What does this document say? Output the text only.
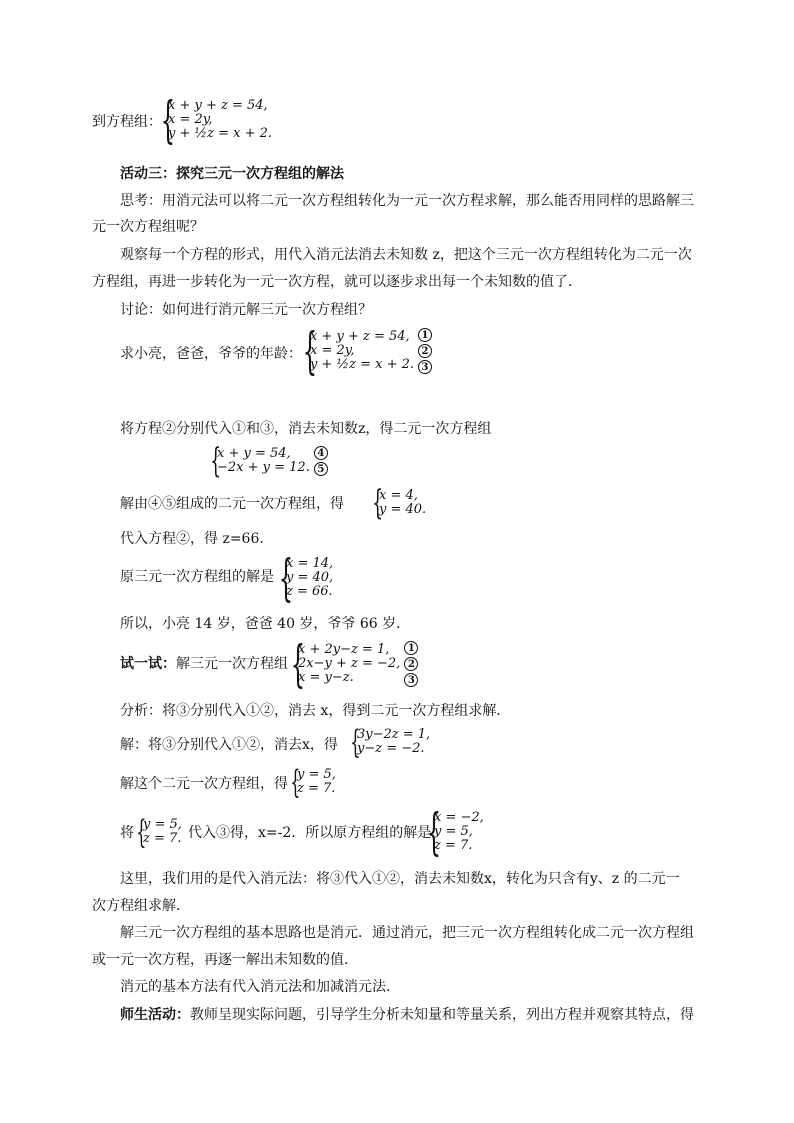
到方程组：
{
x + y + z = 54,
x = 2y,
y + ½z = x + 2.
活动三：探究三元一次方程组的解法
思考：用消元法可以将二元一次方程组转化为一元一次方程求解，那么能否用同样的思路解三
元一次方程组呢？
观察每一个方程的形式，用代入消元法消去未知数 z，把这个三元一次方程组转化为二元一次
方程组，再进一步转化为一元一次方程，就可以逐步求出每一个未知数的值了．
讨论：如何进行消元解三元一次方程组？
求小亮，爸爸，爷爷的年龄： {
x + y + z = 54,
x = 2y,
y + ½z = x + 2.
1
2
3
将方程②分别代入①和③，消去未知数z，得二元一次方程组
{
x + y = 54,
−2x + y = 12.
4
5
解由④⑤组成的二元一次方程组，得 {
x = 4,
y = 40.
代入方程②，得 z=66．
原三元一次方程组的解是 {
x = 14,
y = 40,
z = 66.
所以，小亮 14 岁，爸爸 40 岁，爷爷 66 岁．
试一试： 解三元一次方程组 {
x + 2y−z = 1,
2x−y + z = −2,
x = y−z.
1
2
3
分析：将③分别代入①②，消去 x，得到二元一次方程组求解．
解：将③分别代入①②，消去x，得 {
3y−2z = 1,
y−z = −2.
解这个二元一次方程组，得 {
y = 5,
z = 7.
将 {
y = 5,
z = 7. 代入③得，x=-2．所以原方程组的解是
{
x = −2,
y = 5,
z = 7.
这里，我们用的是代入消元法：将③代入①②，消去未知数x，转化为只含有y、z 的二元一
次方程组求解．
解三元一次方程组的基本思路也是消元．通过消元，把三元一次方程组转化成二元一次方程组
或一元一次方程，再逐一解出未知数的值．
消元的基本方法有代入消元法和加减消元法．
师生活动： 教师呈现实际问题，引导学生分析未知量和等量关系，列出方程并观察其特点，得
